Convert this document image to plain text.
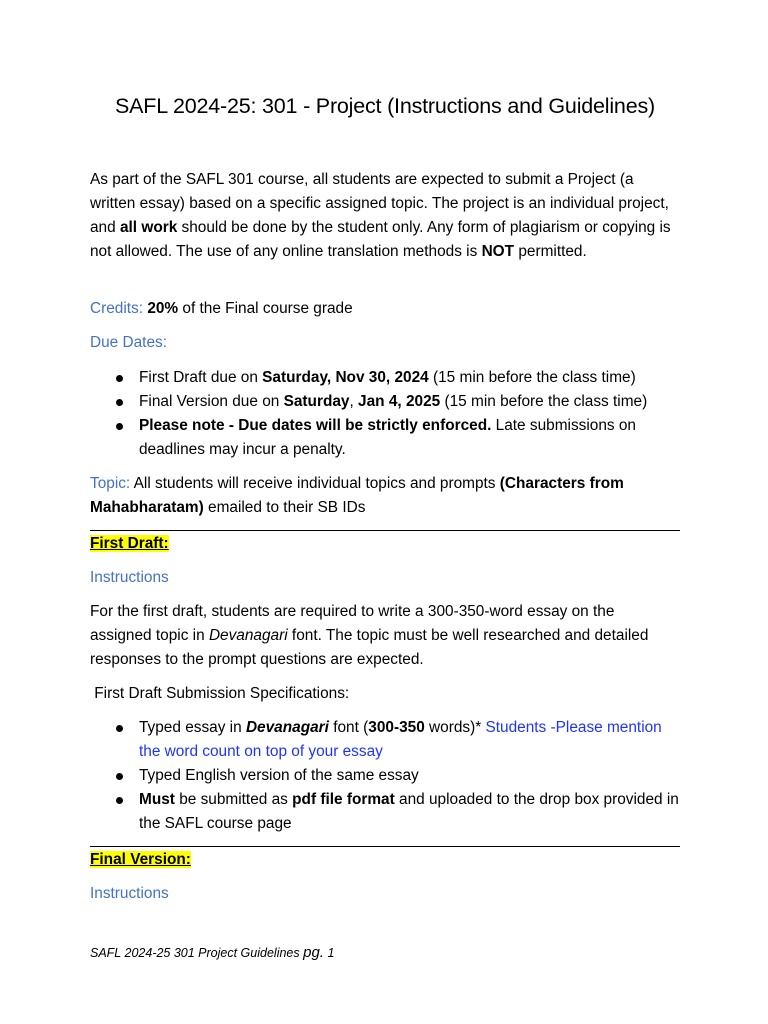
SAFL 2024-25: 301 - Project (Instructions and Guidelines)

As part of the SAFL 301 course, all students are expected to submit a Project (a written essay) based on a specific assigned topic. The project is an individual project, and all work should be done by the student only. Any form of plagiarism or copying is not allowed. The use of any online translation methods is NOT permitted.

Credits: 20% of the Final course grade

Due Dates:

First Draft due on Saturday, Nov 30, 2024 (15 min before the class time)
Final Version due on Saturday, Jan 4, 2025 (15 min before the class time)
Please note - Due dates will be strictly enforced. Late submissions on deadlines may incur a penalty.

Topic: All students will receive individual topics and prompts (Characters from Mahabharatam) emailed to their SB IDs

First Draft:

Instructions

For the first draft, students are required to write a 300-350-word essay on the assigned topic in Devanagari font. The topic must be well researched and detailed responses to the prompt questions are expected.

First Draft Submission Specifications:

Typed essay in Devanagari font (300-350 words)* Students -Please mention the word count on top of your essay
Typed English version of the same essay
Must be submitted as pdf file format and uploaded to the drop box provided in the SAFL course page

Final Version:

Instructions

SAFL 2024-25 301 Project Guidelines pg. 1
